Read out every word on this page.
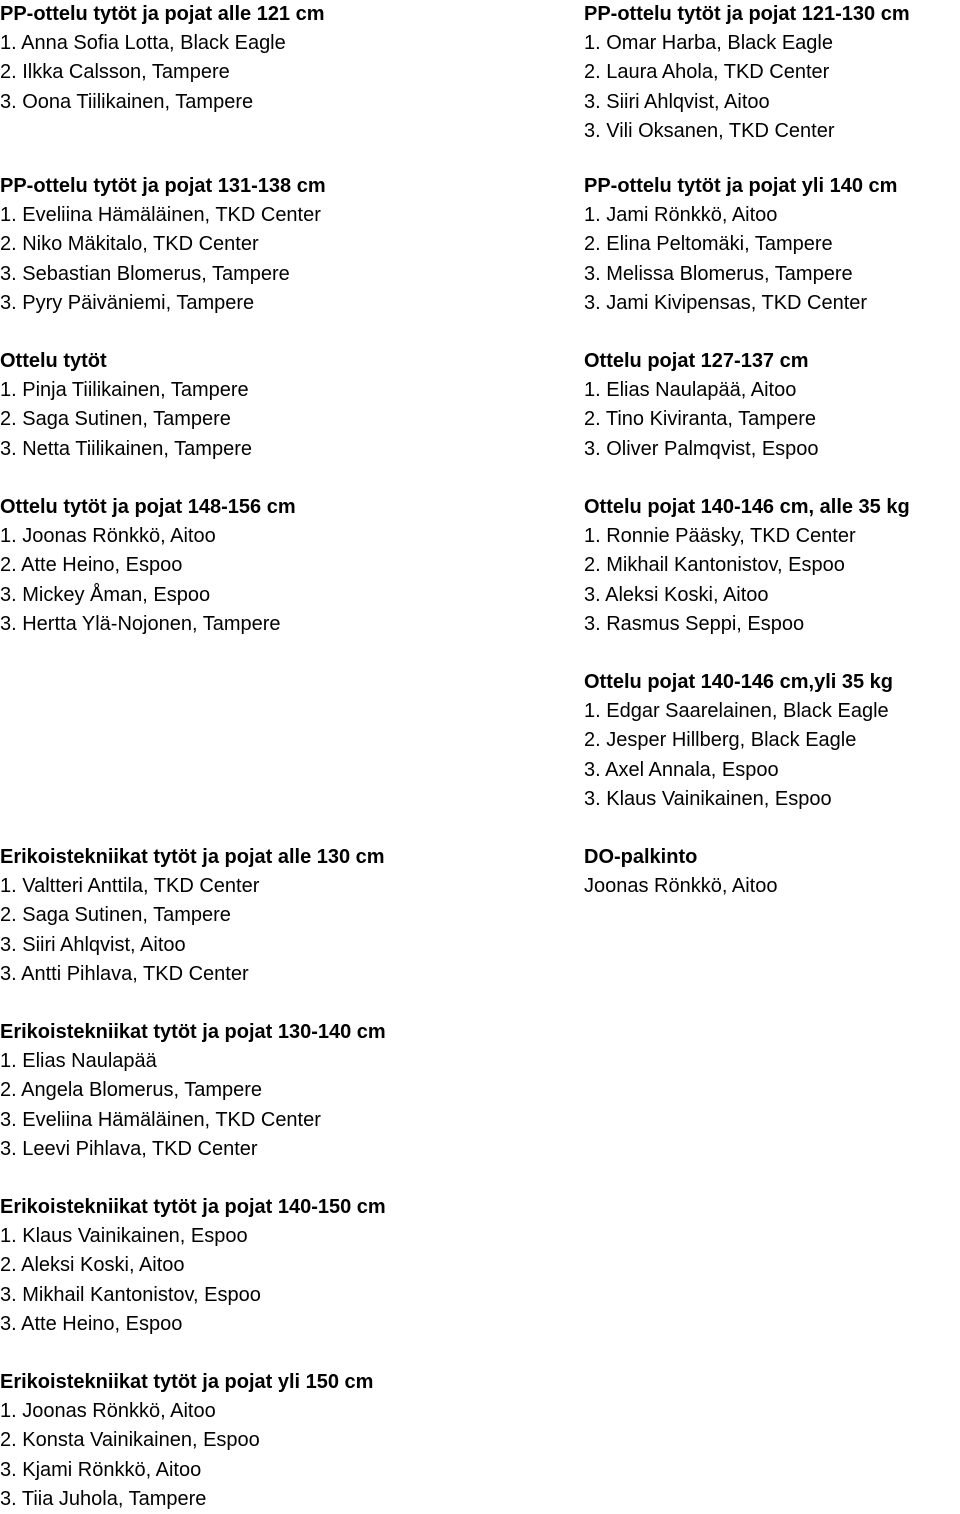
PP-ottelu tytöt ja pojat alle 121 cm
1. Anna Sofia Lotta, Black Eagle
2. Ilkka Calsson, Tampere
3. Oona Tiilikainen, Tampere
PP-ottelu tytöt ja pojat 131-138 cm
1. Eveliina Hämäläinen, TKD Center
2. Niko Mäkitalo, TKD Center
3. Sebastian Blomerus, Tampere
3. Pyry Päiväniemi, Tampere
Ottelu tytöt
1. Pinja Tiilikainen, Tampere
2. Saga Sutinen, Tampere
3. Netta Tiilikainen, Tampere
Ottelu tytöt ja pojat 148-156 cm
1. Joonas Rönkkö, Aitoo
2. Atte Heino, Espoo
3. Mickey Åman, Espoo
3. Hertta Ylä-Nojonen, Tampere
Erikoistekniikat tytöt ja pojat alle 130 cm
1. Valtteri Anttila, TKD Center
2. Saga Sutinen, Tampere
3. Siiri Ahlqvist, Aitoo
3. Antti Pihlava, TKD Center
Erikoistekniikat tytöt ja pojat 130-140 cm
1. Elias Naulapää
2. Angela Blomerus, Tampere
3. Eveliina Hämäläinen, TKD Center
3. Leevi Pihlava, TKD Center
Erikoistekniikat tytöt ja pojat 140-150 cm
1. Klaus Vainikainen, Espoo
2. Aleksi Koski, Aitoo
3. Mikhail Kantonistov, Espoo
3. Atte Heino, Espoo
Erikoistekniikat tytöt ja pojat yli 150 cm
1. Joonas Rönkkö, Aitoo
2. Konsta Vainikainen, Espoo
3. Kjami Rönkkö, Aitoo
3. Tiia Juhola, Tampere
PP-ottelu tytöt ja pojat 121-130 cm
1. Omar Harba, Black Eagle
2. Laura Ahola, TKD Center
3. Siiri Ahlqvist, Aitoo
3. Vili Oksanen, TKD Center
PP-ottelu tytöt ja pojat yli 140 cm
1. Jami Rönkkö, Aitoo
2. Elina Peltomäki, Tampere
3. Melissa Blomerus, Tampere
3. Jami Kivipensas, TKD Center
Ottelu pojat 127-137 cm
1. Elias Naulapää, Aitoo
2. Tino Kiviranta, Tampere
3. Oliver Palmqvist, Espoo
Ottelu pojat 140-146 cm, alle 35 kg
1. Ronnie Pääsky, TKD Center
2. Mikhail Kantonistov, Espoo
3. Aleksi Koski, Aitoo
3. Rasmus Seppi, Espoo
Ottelu pojat 140-146 cm,yli 35 kg
1. Edgar Saarelainen, Black Eagle
2. Jesper Hillberg, Black Eagle
3. Axel Annala, Espoo
3. Klaus Vainikainen, Espoo
DO-palkinto
Joonas Rönkkö, Aitoo
